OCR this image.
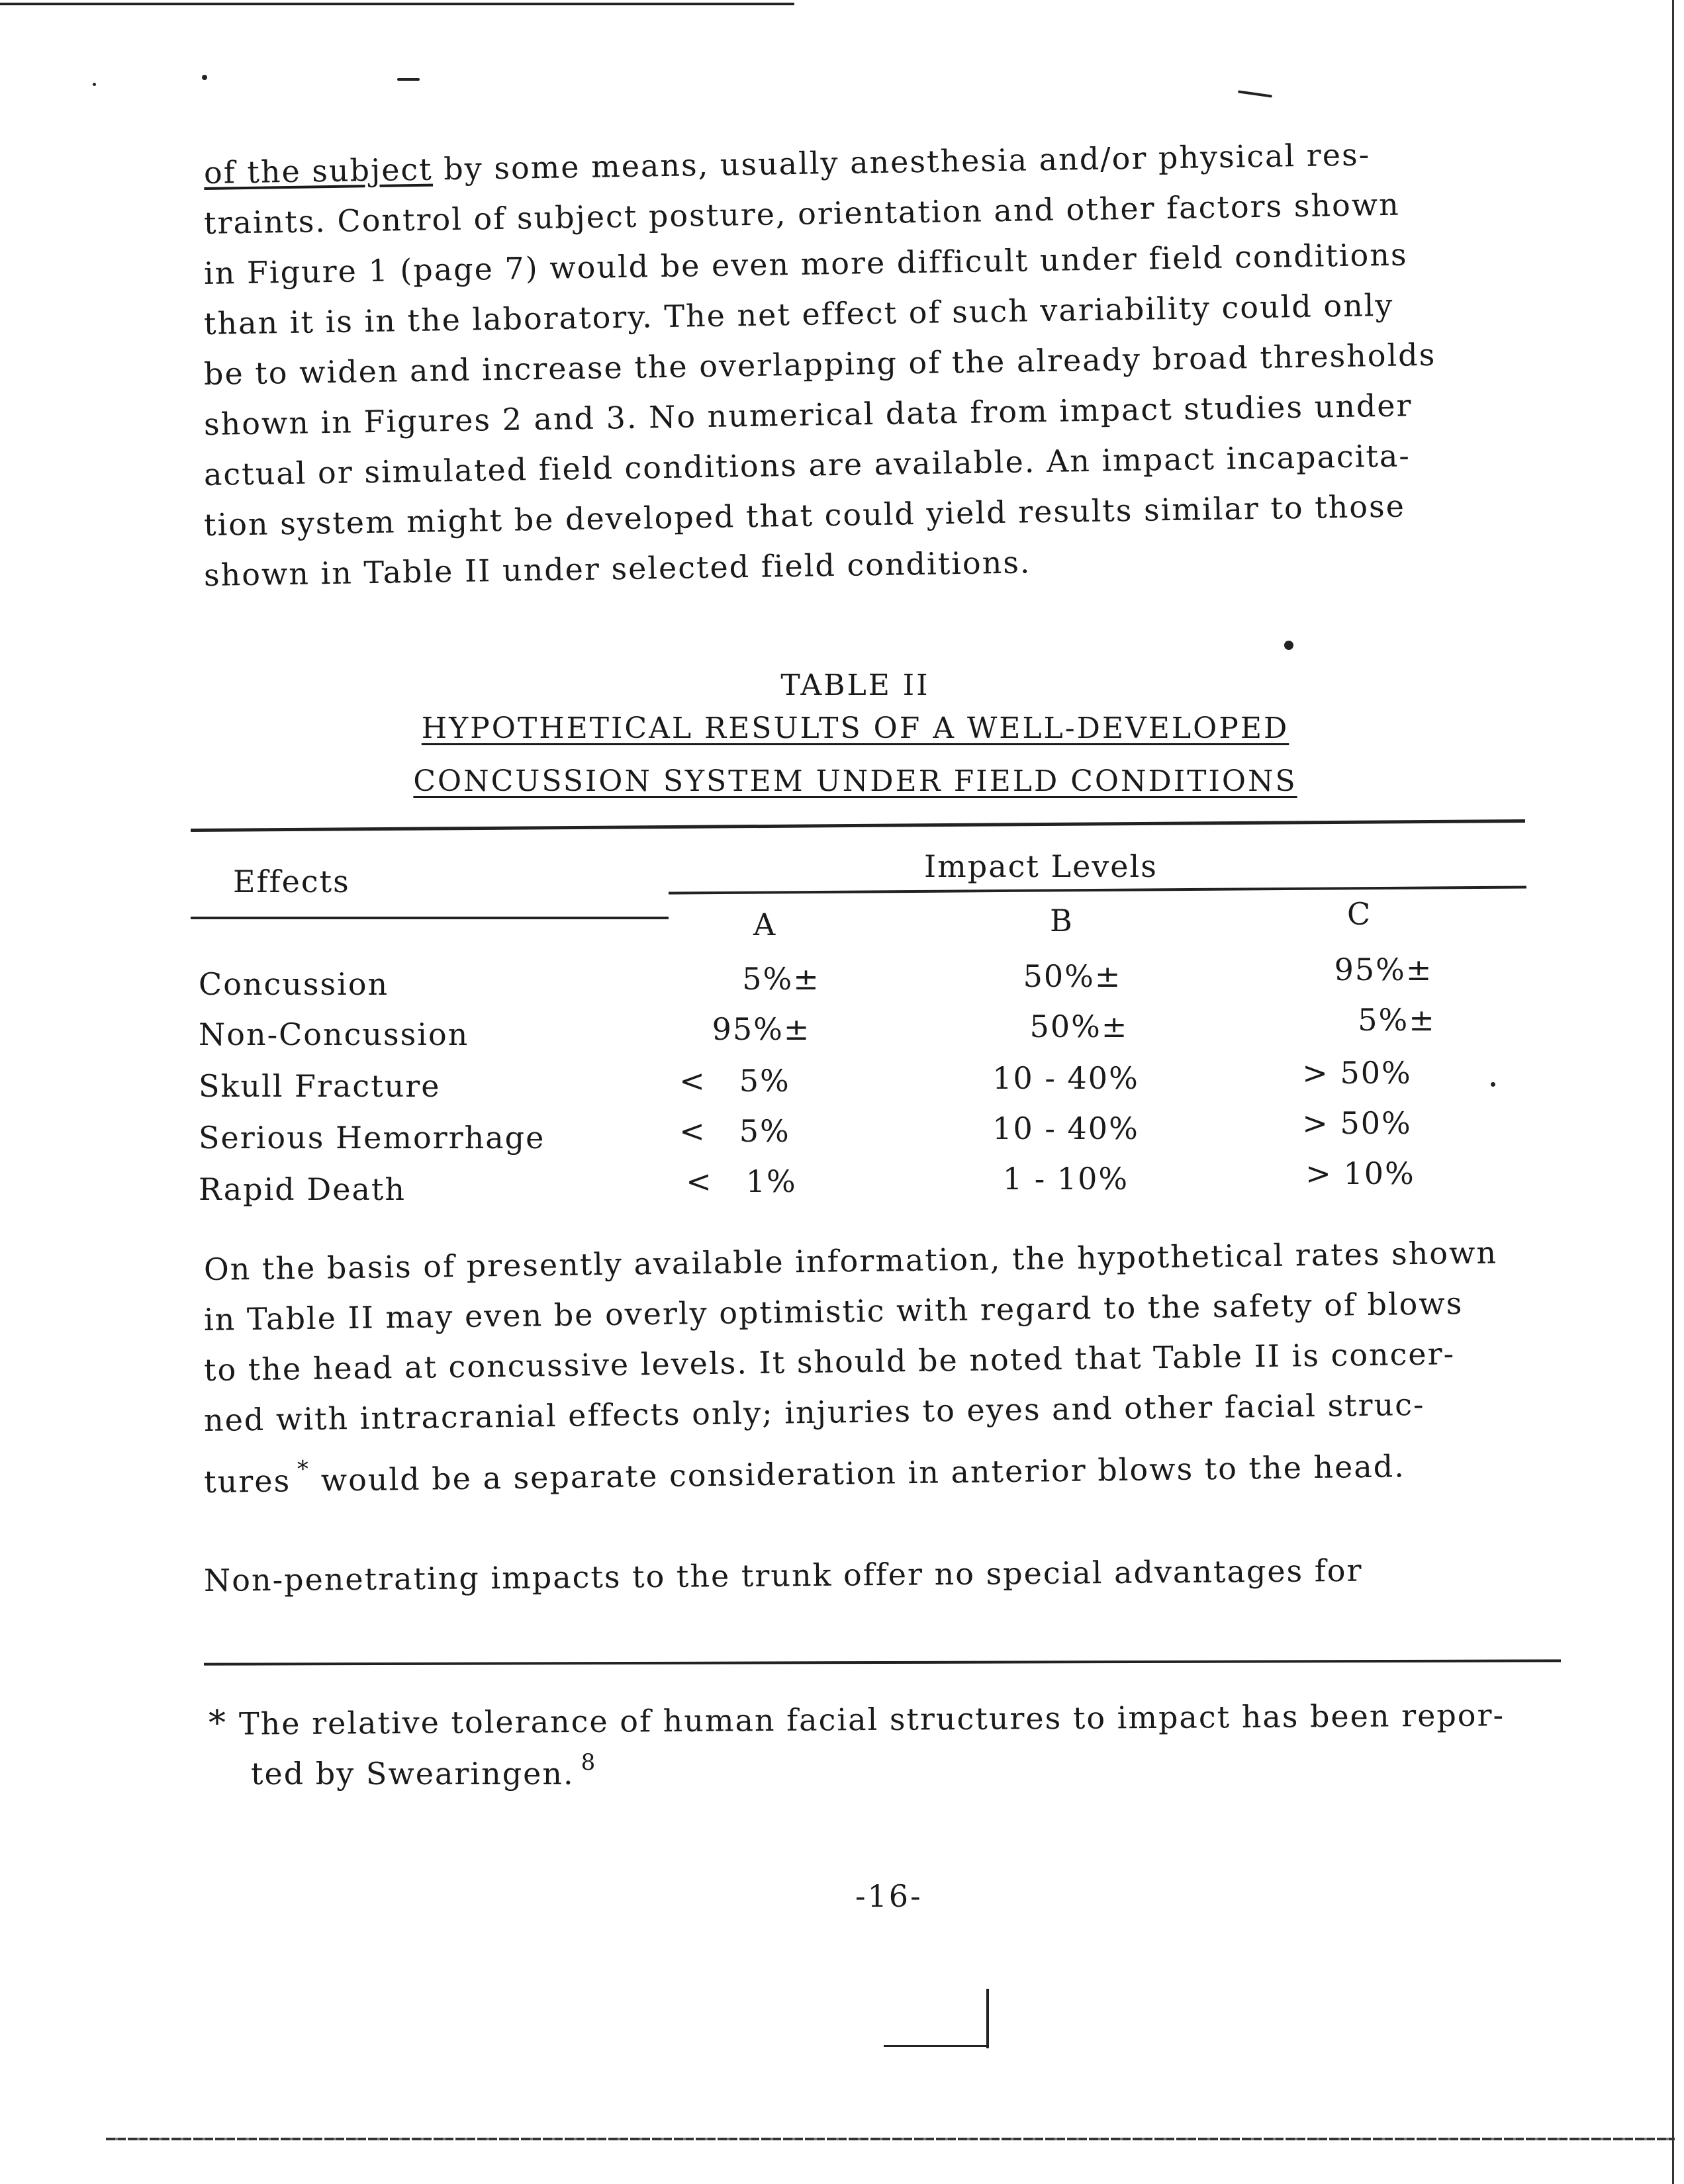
of the subject by some means, usually anesthesia and/or physical res-
traints. Control of subject posture, orientation and other factors shown
in Figure 1 (page 7) would be even more difficult under field conditions
than it is in the laboratory. The net effect of such variability could only
be to widen and increase the overlapping of the already broad thresholds
shown in Figures 2 and 3. No numerical data from impact studies under
actual or simulated field conditions are available. An impact incapacita-
tion system might be developed that could yield results similar to those
shown in Table II under selected field conditions.
TABLE II
HYPOTHETICAL RESULTS OF A WELL-DEVELOPED
CONCUSSION SYSTEM UNDER FIELD CONDITIONS
Effects	Impact Levels
A	B	C
Concussion	5%±	50%±	95%±
Non-Concussion	95%±	50%±	5%±
Skull Fracture	<   5%	10 - 40%	> 50%
Serious Hemorrhage	<   5%	10 - 40%	> 50%
Rapid Death	<   1%	1 - 10%	> 10%
On the basis of presently available information, the hypothetical rates shown
in Table II may even be overly optimistic with regard to the safety of blows
to the head at concussive levels. It should be noted that Table II is concer-
ned with intracranial effects only; injuries to eyes and other facial struc-
tures * would be a separate consideration in anterior blows to the head.
Non-penetrating impacts to the trunk offer no special advantages for
* The relative tolerance of human facial structures to impact has been repor-
ted by Swearingen. $^8$
-16-
